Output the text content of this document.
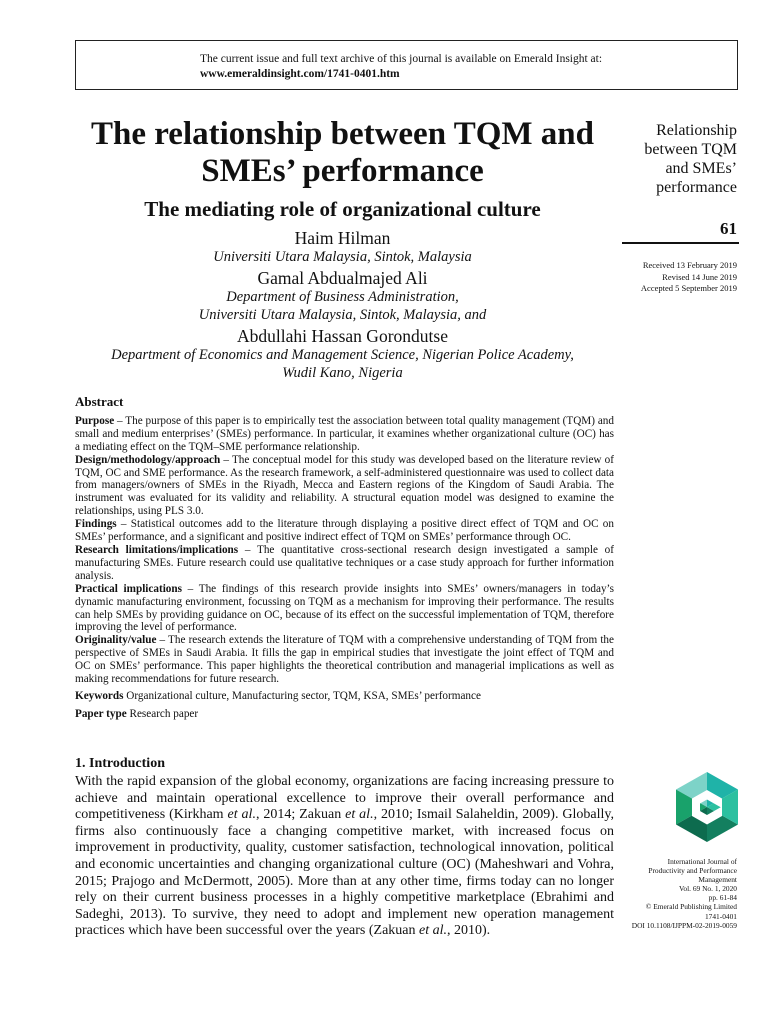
The current issue and full text archive of this journal is available on Emerald Insight at:
www.emeraldinsight.com/1741-0401.htm
The relationship between TQM and SMEs’ performance
The mediating role of organizational culture
Haim Hilman
Universiti Utara Malaysia, Sintok, Malaysia
Gamal Abdualmajed Ali
Department of Business Administration,
Universiti Utara Malaysia, Sintok, Malaysia, and
Abdullahi Hassan Gorondutse
Department of Economics and Management Science, Nigerian Police Academy,
Wudil Kano, Nigeria
Relationship
between TQM
and SMEs’
performance
61
Received 13 February 2019
Revised 14 June 2019
Accepted 5 September 2019
Abstract

Purpose – The purpose of this paper is to empirically test the association between total quality management (TQM) and small and medium enterprises’ (SMEs) performance. In particular, it examines whether organizational culture (OC) has a mediating effect on the TQM–SME performance relationship.

Design/methodology/approach – The conceptual model for this study was developed based on the literature review of TQM, OC and SME performance. As the research framework, a self-administered questionnaire was used to collect data from managers/owners of SMEs in the Riyadh, Mecca and Eastern regions of the Kingdom of Saudi Arabia. The instrument was evaluated for its validity and reliability. A structural equation model was designed to examine the relationships, using PLS 3.0.

Findings – Statistical outcomes add to the literature through displaying a positive direct effect of TQM and OC on SMEs’ performance, and a significant and positive indirect effect of TQM on SMEs’ performance through OC.

Research limitations/implications – The quantitative cross-sectional research design investigated a sample of manufacturing SMEs. Future research could use qualitative techniques or a case study approach for further information analysis.

Practical implications – The findings of this research provide insights into SMEs’ owners/managers in today’s dynamic manufacturing environment, focussing on TQM as a mechanism for improving their performance. The results can help SMEs by providing guidance on OC, because of its effect on the successful implementation of TQM, therefore improving the level of performance.

Originality/value – The research extends the literature of TQM with a comprehensive understanding of TQM from the perspective of SMEs in Saudi Arabia. It fills the gap in empirical studies that investigate the joint effect of TQM and OC on SMEs’ performance. This paper highlights the theoretical contribution and managerial implications as well as making recommendations for future research.

Keywords Organizational culture, Manufacturing sector, TQM, KSA, SMEs’ performance
Paper type Research paper
1. Introduction

With the rapid expansion of the global economy, organizations are facing increasing pressure to achieve and maintain operational excellence to improve their overall performance and competitiveness (Kirkham et al., 2014; Zakuan et al., 2010; Ismail Salaheldin, 2009). Globally, firms also continuously face a changing competitive market, with increased focus on improvement in productivity, quality, customer satisfaction, technological innovation, political and economic uncertainties and changing organizational culture (OC) (Maheshwari and Vohra, 2015; Prajogo and McDermott, 2005). More than at any other time, firms today can no longer rely on their current business processes in a highly competitive marketplace (Ebrahimi and Sadeghi, 2013). To survive, they need to adopt and implement new operation management practices which have been successful over the years (Zakuan et al., 2010).

International Journal of
Productivity and Performance
Management
Vol. 69 No. 1, 2020
pp. 61-84
© Emerald Publishing Limited
1741-0401
DOI 10.1108/IJPPM-02-2019-0059
